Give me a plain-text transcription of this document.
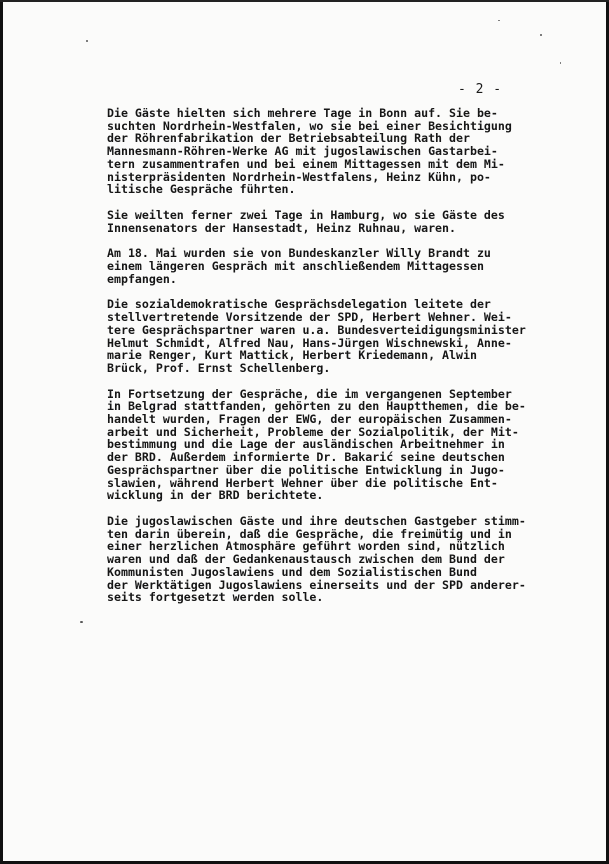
- 2 -

Die Gäste hielten sich mehrere Tage in Bonn auf. Sie be-
suchten Nordrhein-Westfalen, wo sie bei einer Besichtigung
der Röhrenfabrikation der Betriebsabteilung Rath der
Mannesmann-Röhren-Werke AG mit jugoslawischen Gastarbei-
tern zusammentrafen und bei einem Mittagessen mit dem Mi-
nisterpräsidenten Nordrhein-Westfalens, Heinz Kühn, po-
litische Gespräche führten.

Sie weilten ferner zwei Tage in Hamburg, wo sie Gäste des
Innensenators der Hansestadt, Heinz Ruhnau, waren.

Am 18. Mai wurden sie von Bundeskanzler Willy Brandt zu
einem längeren Gespräch mit anschließendem Mittagessen
empfangen.

Die sozialdemokratische Gesprächsdelegation leitete der
stellvertretende Vorsitzende der SPD, Herbert Wehner. Wei-
tere Gesprächspartner waren u.a. Bundesverteidigungsminister
Helmut Schmidt, Alfred Nau, Hans-Jürgen Wischnewski, Anne-
marie Renger, Kurt Mattick, Herbert Kriedemann, Alwin
Brück, Prof. Ernst Schellenberg.

In Fortsetzung der Gespräche, die im vergangenen September
in Belgrad stattfanden, gehörten zu den Hauptthemen, die be-
handelt wurden, Fragen der EWG, der europäischen Zusammen-
arbeit und Sicherheit, Probleme der Sozialpolitik, der Mit-
bestimmung und die Lage der ausländischen Arbeitnehmer in
der BRD. Außerdem informierte Dr. Bakarić seine deutschen
Gesprächspartner über die politische Entwicklung in Jugo-
slawien, während Herbert Wehner über die politische Ent-
wicklung in der BRD berichtete.

Die jugoslawischen Gäste und ihre deutschen Gastgeber stimm-
ten darin überein, daß die Gespräche, die freimütig und in
einer herzlichen Atmosphäre geführt worden sind, nützlich
waren und daß der Gedankenaustausch zwischen dem Bund der
Kommunisten Jugoslawiens und dem Sozialistischen Bund
der Werktätigen Jugoslawiens einerseits und der SPD anderer-
seits fortgesetzt werden solle.
